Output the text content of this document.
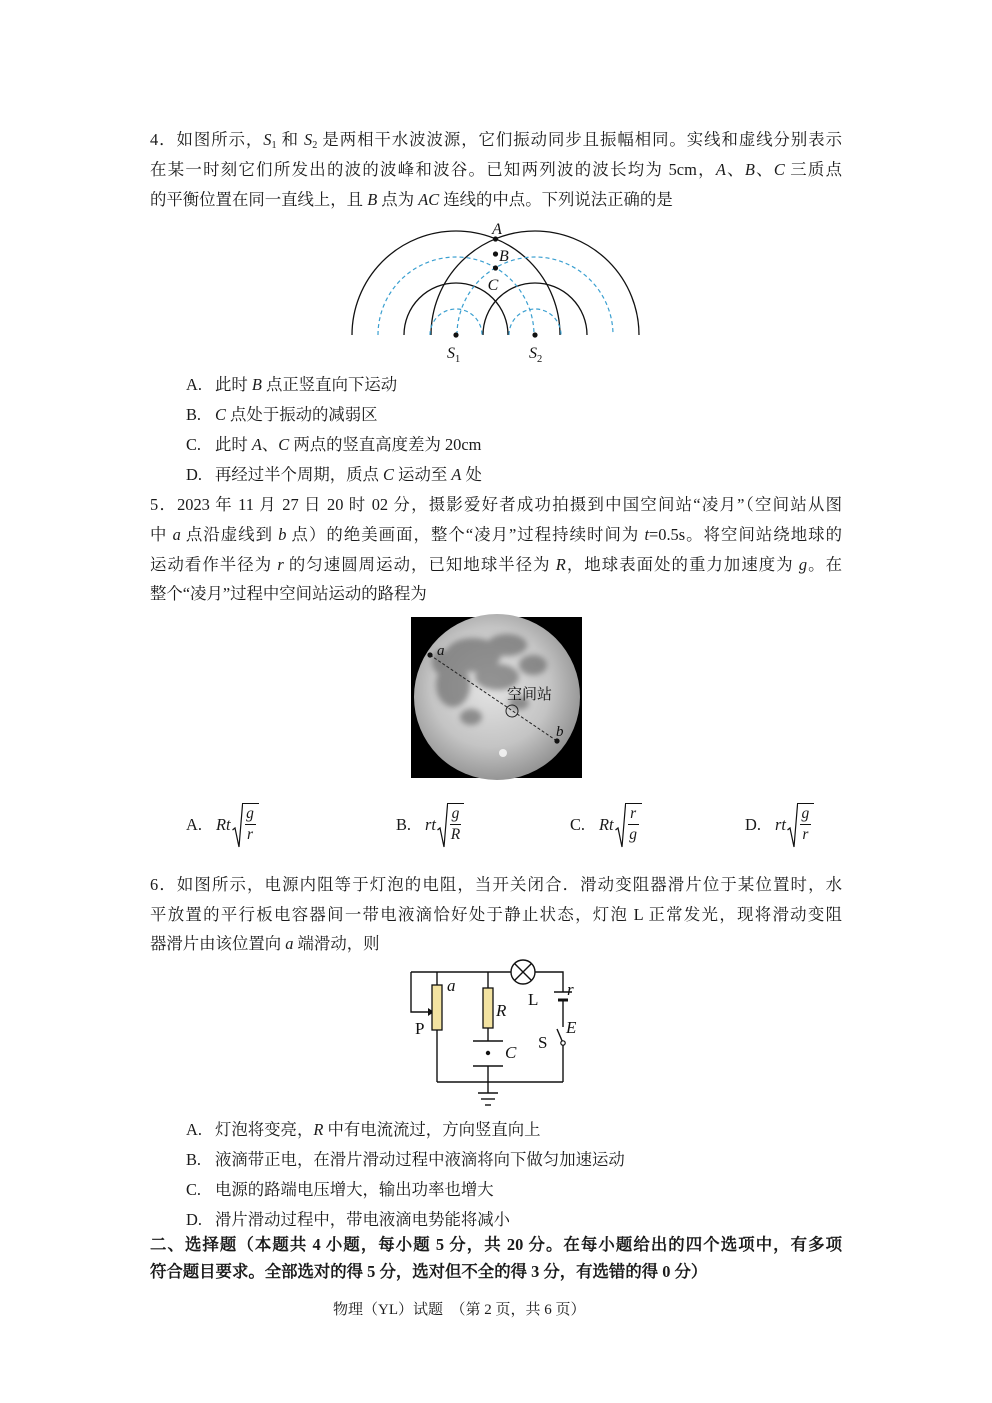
4．如图所示，$S_1$ 和 $S_2$ 是两相干水波波源，它们振动同步且振幅相同。实线和虚线分别表示
在某一时刻它们所发出的波的波峰和波谷。已知两列波的波长均为 5cm，A、B、C 三质点
的平衡位置在同一直线上，且 B 点为 AC 连线的中点。下列说法正确的是
A
B
C
$S_1$	$S_2$
A. 此时 B 点正竖直向下运动
B. C 点处于振动的减弱区
C. 此时 A、C 两点的竖直高度差为 20cm
D. 再经过半个周期，质点 C 运动至 A 处
5．2023 年 11 月 27 日 20 时 02 分，摄影爱好者成功拍摄到中国空间站“凌月”（空间站从图
中 a 点沿虚线到 b 点）的绝美画面，整个“凌月”过程持续时间为 t=0.5s。将空间站绕地球的
运动看作半径为 r 的匀速圆周运动，已知地球半径为 R，地球表面处的重力加速度为 g。在
整个“凌月”过程中空间站运动的路程为
a
空间站
b
A. Rt $\frac{g}{r}$	B. rt $\frac{g}{R}$	C. Rt $\frac{r}{g}$	D. rt $\frac{g}{r}$
6．如图所示，电源内阻等于灯泡的电阻，当开关闭合．滑动变阻器滑片位于某位置时，水
平放置的平行板电容器间一带电液滴恰好处于静止状态，灯泡 L 正常发光，现将滑动变阻
器滑片由该位置向 a 端滑动，则
a
P
R
C
L
r
E
S
A. 灯泡将变亮，R 中有电流流过，方向竖直向上
B. 液滴带正电，在滑片滑动过程中液滴将向下做匀加速运动
C. 电源的路端电压增大，输出功率也增大
D. 滑片滑动过程中，带电液滴电势能将减小
二、选择题（本题共 4 小题，每小题 5 分，共 20 分。在每小题给出的四个选项中，有多项
符合题目要求。全部选对的得 5 分，选对但不全的得 3 分，有选错的得 0 分）
物理（YL）试题　（第 2 页，共 6 页）
